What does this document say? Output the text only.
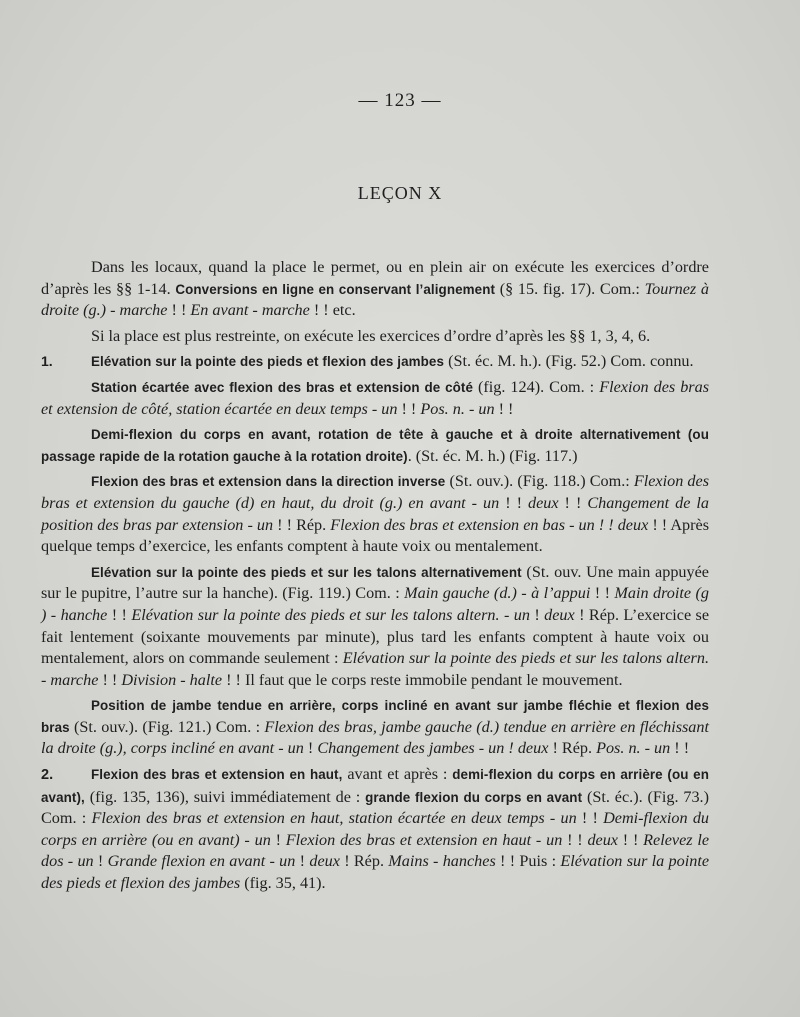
— 123 —
LEÇON X

Dans les locaux, quand la place le permet, ou en plein air on exécute les exercices d’ordre d’après les §§ 1-14. Conversions en ligne en conservant l’alignement (§ 15. fig. 17). Com.: Tournez à droite (g.) - marche ! ! En avant - marche ! ! etc.

Si la place est plus restreinte, on exécute les exercices d’ordre d’après les §§ 1, 3, 4, 6.

1.	Elévation sur la pointe des pieds et flexion des jambes (St. éc. M. h.). (Fig. 52.) Com. connu.

Station écartée avec flexion des bras et extension de côté (fig. 124). Com. : Flexion des bras et extension de côté, station écartée en deux temps - un ! ! Pos. n. - un ! !

Demi-flexion du corps en avant, rotation de tête à gauche et à droite alternativement (ou passage rapide de la rotation gauche à la rotation droite). (St. éc. M. h.) (Fig. 117.)

Flexion des bras et extension dans la direction inverse (St. ouv.). (Fig. 118.) Com.: Flexion des bras et extension du gauche (d) en haut, du droit (g.) en avant - un ! ! deux ! ! Changement de la position des bras par extension - un ! ! Rép. Flexion des bras et extension en bas - un ! ! deux ! ! Après quelque temps d’exercice, les enfants comptent à haute voix ou mentalement.

Elévation sur la pointe des pieds et sur les talons alternativement (St. ouv. Une main appuyée sur le pupitre, l’autre sur la hanche). (Fig. 119.) Com. : Main gauche (d.) - à l’appui ! ! Main droite (g ) - hanche ! ! Elévation sur la pointe des pieds et sur les talons altern. - un ! deux ! Rép. L’exercice se fait lentement (soixante mouvements par minute), plus tard les enfants comptent à haute voix ou mentalement, alors on commande seulement : Elévation sur la pointe des pieds et sur les talons altern. - marche ! ! Division - halte ! ! Il faut que le corps reste immobile pendant le mouvement.

Position de jambe tendue en arrière, corps incliné en avant sur jambe fléchie et flexion des bras (St. ouv.). (Fig. 121.) Com. : Flexion des bras, jambe gauche (d.) tendue en arrière en fléchissant la droite (g.), corps incliné en avant - un ! Changement des jambes - un ! deux ! Rép. Pos. n. - un ! !

2.	Flexion des bras et extension en haut, avant et après : demi-flexion du corps en arrière (ou en avant), (fig. 135, 136), suivi immédiatement de : grande flexion du corps en avant (St. éc.). (Fig. 73.) Com. : Flexion des bras et extension en haut, station écartée en deux temps - un ! ! Demi-flexion du corps en arrière (ou en avant) - un ! Flexion des bras et extension en haut - un ! ! deux ! ! Relevez le dos - un ! Grande flexion en avant - un ! deux ! Rép. Mains - hanches ! ! Puis : Elévation sur la pointe des pieds et flexion des jambes (fig. 35, 41).
